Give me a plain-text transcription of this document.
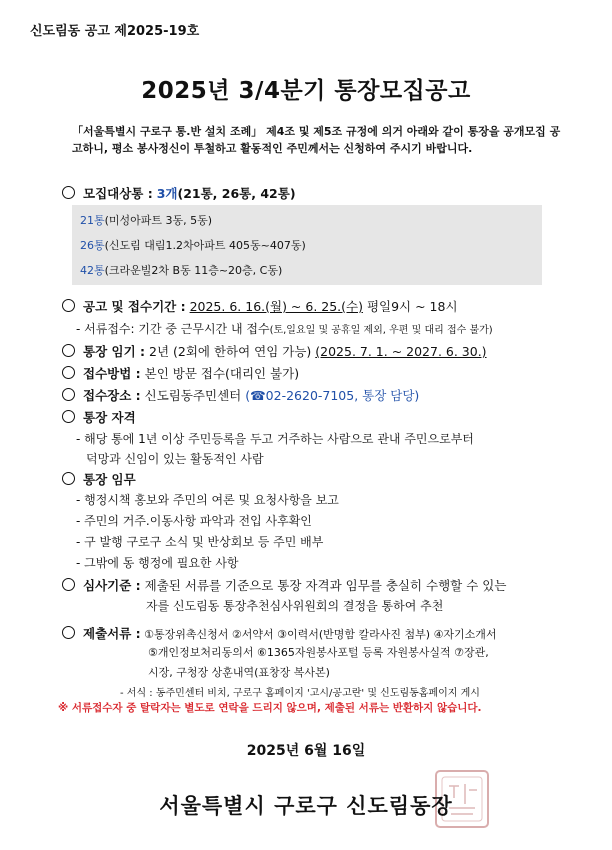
신도림동 공고 제2025-19호
2025년 3/4분기 통장모집공고
「서울특별시 구로구 통.반 설치 조례」 제4조 및 제5조 규정에 의거 아래와 같이 통장을 공개모집 공고하니, 평소 봉사정신이 투철하고 활동적인 주민께서는 신청하여 주시기 바랍니다.
모집대상통 : 3개(21통, 26통, 42통)
21통(미성아파트 3동, 5동)
26통(신도림 대림1.2차아파트 405동~407동)
42통(크라운빌2차 B동 11층~20층, C동)
공고 및 접수기간 : 2025. 6. 16.(월) ~ 6. 25.(수) 평일9시 ~ 18시
- 서류접수: 기간 중 근무시간 내 접수(토,일요일 및 공휴일 제외, 우편 및 대리 접수 불가)
통장 임기 : 2년 (2회에 한하여 연임 가능) (2025. 7. 1. ~ 2027. 6. 30.)
접수방법 : 본인 방문 접수(대리인 불가)
접수장소 : 신도림동주민센터 (☎02-2620-7105, 통장 담당)
통장 자격
- 해당 통에 1년 이상 주민등록을 두고 거주하는 사람으로 관내 주민으로부터
덕망과 신임이 있는 활동적인 사람
통장 임무
- 행정시책 홍보와 주민의 여론 및 요청사항을 보고
- 주민의 거주.이동사항 파악과 전입 사후확인
- 구 발행 구로구 소식 및 반상회보 등 주민 배부
- 그밖에 동 행정에 필요한 사항
심사기준 : 제출된 서류를 기준으로 통장 자격과 임무를 충실히 수행할 수 있는
자를 신도림동 통장추천심사위원회의 결정을 통하여 추천
제출서류 : ①통장위촉신청서 ②서약서 ③이력서(반명함 칼라사진 첨부) ④자기소개서
⑤개인정보처리동의서 ⑥1365자원봉사포털 등록 자원봉사실적 ⑦장관,
시장, 구청장 상훈내역(표창장 복사본)
- 서식 : 동주민센터 비치, 구로구 홈페이지 '고시/공고란' 및 신도림동홈페이지 게시
※ 서류접수자 중 탈락자는 별도로 연락을 드리지 않으며, 제출된 서류는 반환하지 않습니다.
2025년 6월 16일
서울특별시 구로구 신도림동장
